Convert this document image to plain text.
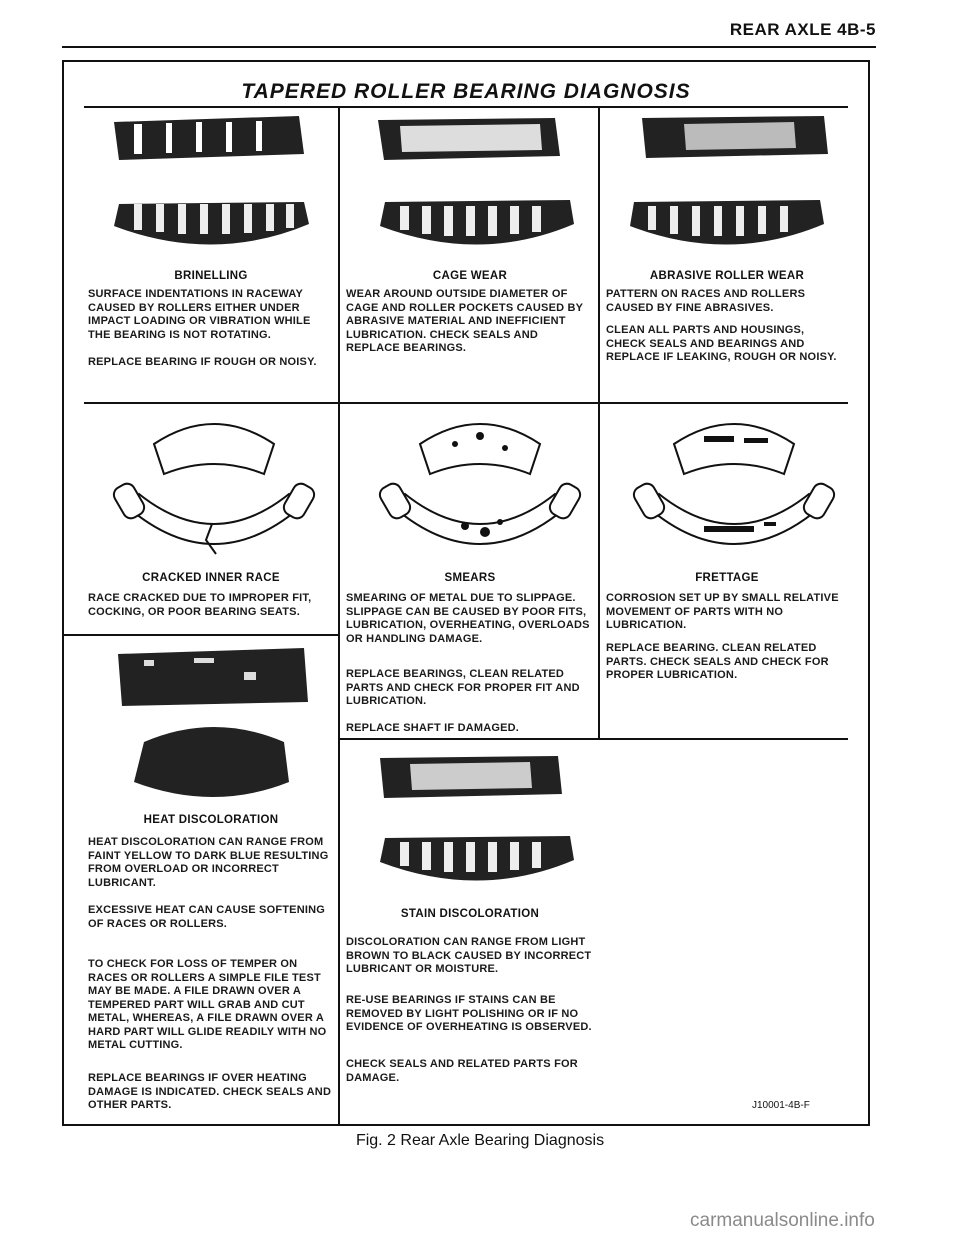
REAR AXLE 4B-5
TAPERED ROLLER BEARING DIAGNOSIS
BRINELLING
SURFACE INDENTATIONS IN RACEWAY CAUSED BY ROLLERS EITHER UNDER IMPACT LOADING OR VIBRATION WHILE THE BEARING IS NOT ROTATING.
REPLACE BEARING IF ROUGH OR NOISY.
CAGE WEAR
WEAR AROUND OUTSIDE DIAMETER OF CAGE AND ROLLER POCKETS CAUSED BY ABRASIVE MATERIAL AND INEFFICIENT LUBRICATION. CHECK SEALS AND REPLACE BEARINGS.
ABRASIVE ROLLER WEAR
PATTERN ON RACES AND ROLLERS CAUSED BY FINE ABRASIVES.
CLEAN ALL PARTS AND HOUSINGS, CHECK SEALS AND BEARINGS AND REPLACE IF LEAKING, ROUGH OR NOISY.
CRACKED INNER RACE
RACE CRACKED DUE TO IMPROPER FIT, COCKING, OR POOR BEARING SEATS.
SMEARS
SMEARING OF METAL DUE TO SLIPPAGE. SLIPPAGE CAN BE CAUSED BY POOR FITS, LUBRICATION, OVERHEATING, OVERLOADS OR HANDLING DAMAGE.
REPLACE BEARINGS, CLEAN RELATED PARTS AND CHECK FOR PROPER FIT AND LUBRICATION.
REPLACE SHAFT IF DAMAGED.
FRETTAGE
CORROSION SET UP BY SMALL RELATIVE MOVEMENT OF PARTS WITH NO LUBRICATION.
REPLACE BEARING. CLEAN RELATED PARTS. CHECK SEALS AND CHECK FOR PROPER LUBRICATION.
HEAT DISCOLORATION
HEAT DISCOLORATION CAN RANGE FROM FAINT YELLOW TO DARK BLUE RESULTING FROM OVERLOAD OR INCORRECT LUBRICANT.
EXCESSIVE HEAT CAN CAUSE SOFTENING OF RACES OR ROLLERS.
TO CHECK FOR LOSS OF TEMPER ON RACES OR ROLLERS A SIMPLE FILE TEST MAY BE MADE. A FILE DRAWN OVER A TEMPERED PART WILL GRAB AND CUT METAL, WHEREAS, A FILE DRAWN OVER A HARD PART WILL GLIDE READILY WITH NO METAL CUTTING.
REPLACE BEARINGS IF OVER HEATING DAMAGE IS INDICATED. CHECK SEALS AND OTHER PARTS.
STAIN DISCOLORATION
DISCOLORATION CAN RANGE FROM LIGHT BROWN TO BLACK CAUSED BY INCORRECT LUBRICANT OR MOISTURE.
RE-USE BEARINGS IF STAINS CAN BE REMOVED BY LIGHT POLISHING OR IF NO EVIDENCE OF OVERHEATING IS OBSERVED.
CHECK SEALS AND RELATED PARTS FOR DAMAGE.
J10001-4B-F
Fig. 2 Rear Axle Bearing Diagnosis
carmanualsonline.info
